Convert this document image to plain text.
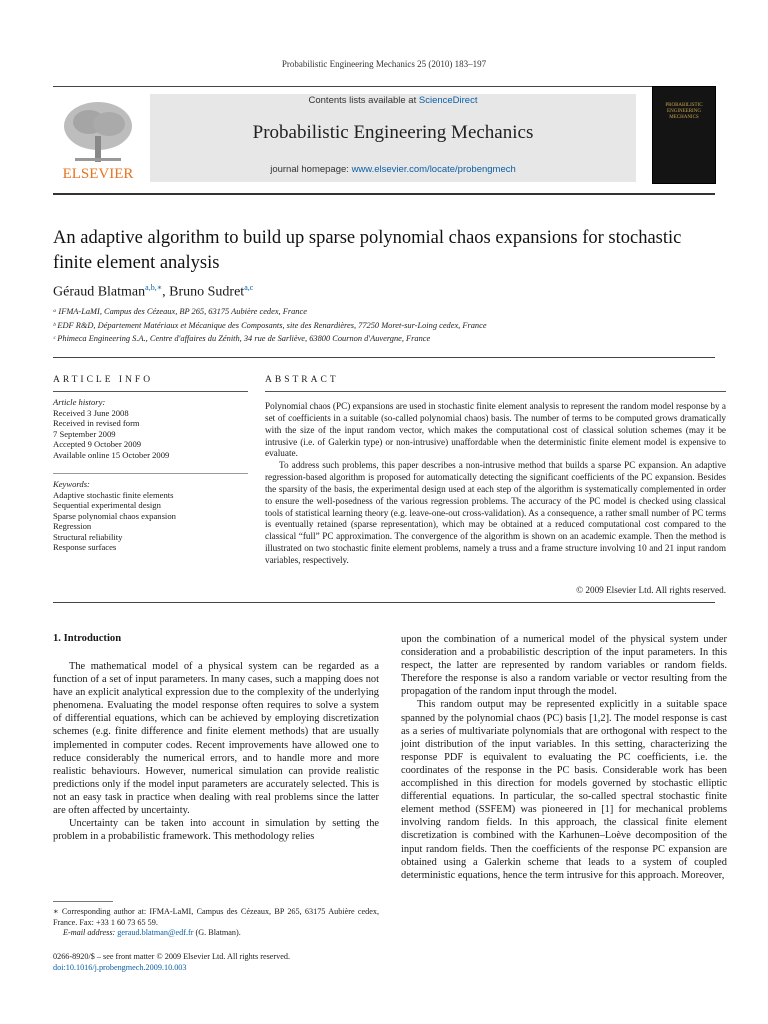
Probabilistic Engineering Mechanics 25 (2010) 183–197
ELSEVIER
Contents lists available at ScienceDirect
Probabilistic Engineering Mechanics
journal homepage: www.elsevier.com/locate/probengmech
PROBABILISTIC
ENGINEERING
MECHANICS
An adaptive algorithm to build up sparse polynomial chaos expansions for stochastic finite element analysis
Géraud Blatman$^{a,b,∗}$, Bruno Sudret$^{a,c}$
ᵃ IFMA-LaMI, Campus des Cézeaux, BP 265, 63175 Aubière cedex, France
ᵇ EDF R&D, Département Matériaux et Mécanique des Composants, site des Renardières, 77250 Moret-sur-Loing cedex, France
ᶜ Phimeca Engineering S.A., Centre d'affaires du Zénith, 34 rue de Sarliève, 63800 Cournon d'Auvergne, France
ARTICLE INFO
Article history:
Received 3 June 2008
Received in revised form
7 September 2009
Accepted 9 October 2009
Available online 15 October 2009
Keywords:
Adaptive stochastic finite elements
Sequential experimental design
Sparse polynomial chaos expansion
Regression
Structural reliability
Response surfaces
ABSTRACT

Polynomial chaos (PC) expansions are used in stochastic finite element analysis to represent the random model response by a set of coefficients in a suitable (so-called polynomial chaos) basis. The number of terms to be computed grows dramatically with the size of the input random vector, which makes the computational cost of classical solution schemes (may it be intrusive (i.e. of Galerkin type) or non-intrusive) unaffordable when the deterministic finite element model is expensive to evaluate.

To address such problems, this paper describes a non-intrusive method that builds a sparse PC expansion. An adaptive regression-based algorithm is proposed for automatically detecting the significant coefficients of the PC expansion. Besides the sparsity of the basis, the experimental design used at each step of the algorithm is systematically complemented in order to ensure the well-posedness of the various regression problems. The accuracy of the PC model is checked using classical tools of statistical learning theory (e.g. leave-one-out cross-validation). As a consequence, a rather small number of PC terms is eventually retained (sparse representation), which may be obtained at a reduced computational cost compared to the classical “full” PC approximation. The convergence of the algorithm is shown on an academic example. Then the method is illustrated on two stochastic finite element problems, namely a truss and a frame structure involving 10 and 21 input random variables, respectively.

© 2009 Elsevier Ltd. All rights reserved.
1. Introduction

The mathematical model of a physical system can be regarded as a function of a set of input parameters. In many cases, such a mapping does not have an explicit analytical expression due to the complexity of the underlying phenomena. Evaluating the model response often requires to solve a system of differential equations, which can be achieved by employing discretization schemes (e.g. finite difference and finite element methods) that are usually implemented in computer codes. Recent improvements have allowed one to reduce considerably the numerical errors, and to handle more and more realistic behaviours. However, numerical simulation can provide realistic predictions only if the model input parameters are accurately selected. This is not an easy task in practice when dealing with real problems since the latter are often affected by uncertainty.

Uncertainty can be taken into account in simulation by setting the problem in a probabilistic framework. This methodology relies

upon the combination of a numerical model of the physical system under consideration and a probabilistic description of the input parameters. In this respect, the latter are represented by random variables or random fields. Therefore the response is also a random variable or vector resulting from the propagation of the random input through the model.

This random output may be represented explicitly in a suitable space spanned by the polynomial chaos (PC) basis [1,2]. The model response is cast as a series of multivariate polynomials that are orthogonal with respect to the joint distribution of the input variables. In this setting, characterizing the response PDF is equivalent to evaluating the PC coefficients, i.e. the coordinates of the response in the PC basis. Considerable work has been accomplished in this direction for models governed by stochastic elliptic differential equations. In particular, the so-called spectral stochastic finite element method (SSFEM) was pioneered in [1] for mechanical problems involving random fields. In this approach, the classical finite element discretization is combined with the Karhunen–Loève decomposition of the input random fields. Then the coefficients of the response PC expansion are obtained using a Galerkin scheme that leads to a system of coupled deterministic equations, hence the term intrusive for this approach. Moreover,

∗ Corresponding author at: IFMA-LaMI, Campus des Cézeaux, BP 265, 63175 Aubière cedex, France. Fax: +33 1 60 73 65 59.
E-mail address: geraud.blatman@edf.fr (G. Blatman).
0266-8920/$ – see front matter © 2009 Elsevier Ltd. All rights reserved.
doi:10.1016/j.probengmech.2009.10.003
